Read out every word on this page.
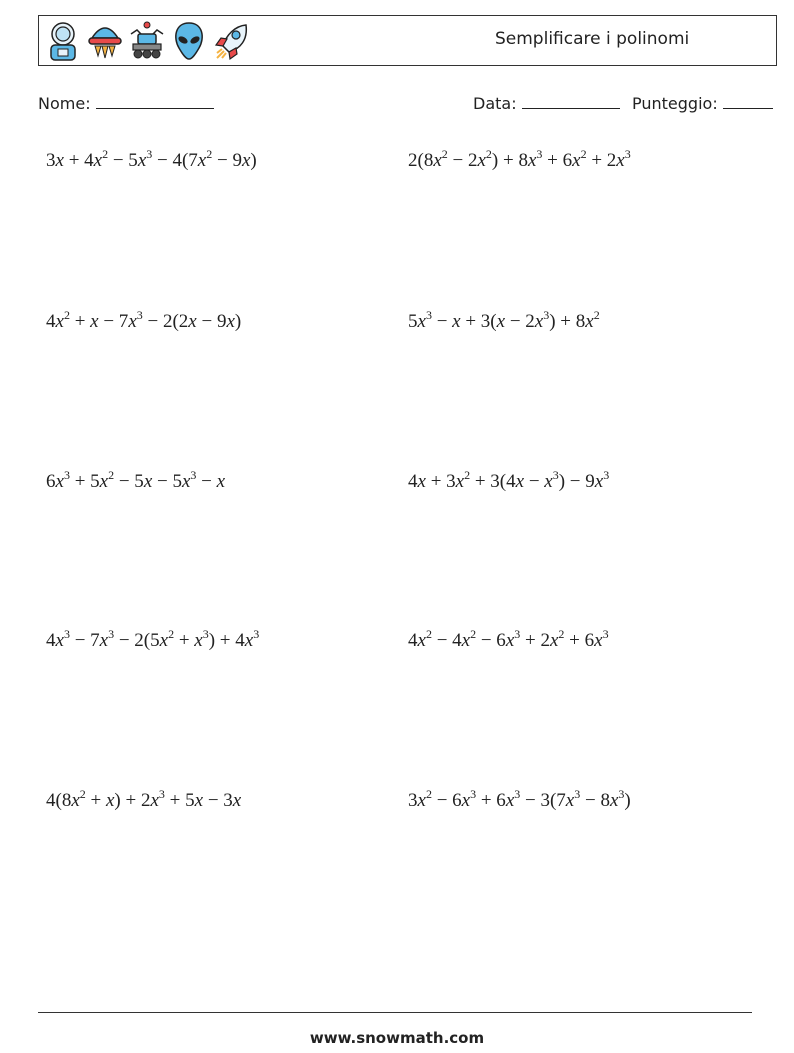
Semplificare i polinomi
Nome:	Data:	Punteggio:
$3x + 4x^2 - 5x^3 - 4(7x^2 - 9x)$	$2(8x^2 - 2x^2) + 8x^3 + 6x^2 + 2x^3$
$4x^2 + x - 7x^3 - 2(2x - 9x)$	$5x^3 - x + 3(x - 2x^3) + 8x^2$
$6x^3 + 5x^2 - 5x - 5x^3 - x$	$4x + 3x^2 + 3(4x - x^3) - 9x^3$
$4x^3 - 7x^3 - 2(5x^2 + x^3) + 4x^3$	$4x^2 - 4x^2 - 6x^3 + 2x^2 + 6x^3$
$4(8x^2 + x) + 2x^3 + 5x - 3x$	$3x^2 - 6x^3 + 6x^3 - 3(7x^3 - 8x^3)$
www.snowmath.com
